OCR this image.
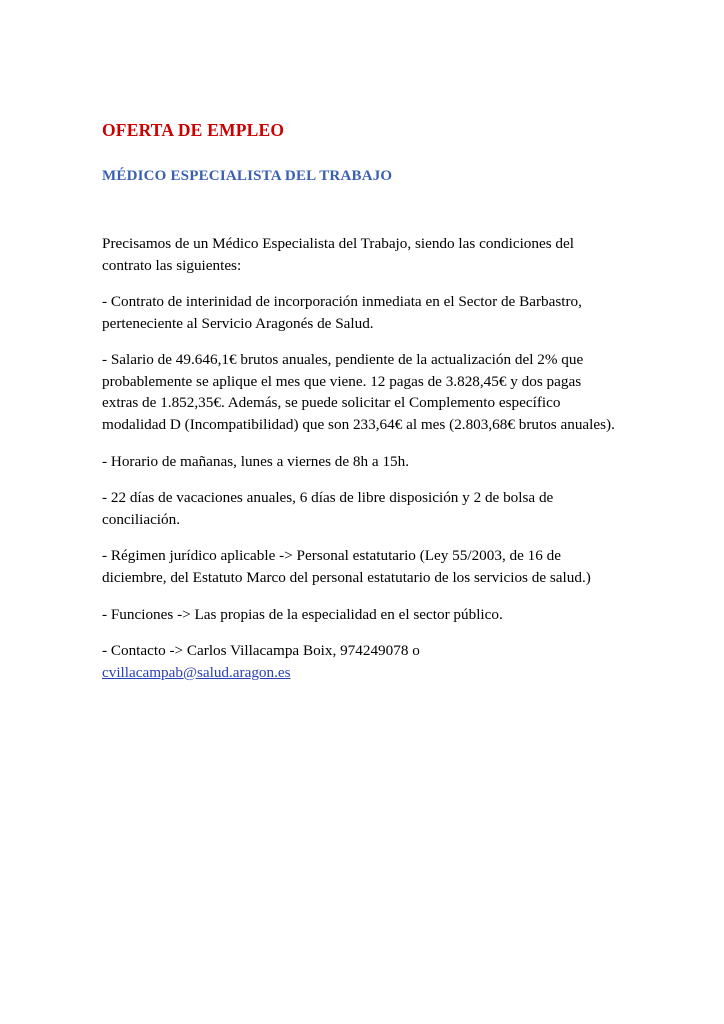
OFERTA DE EMPLEO
MÉDICO ESPECIALISTA DEL TRABAJO

Precisamos de un Médico Especialista del Trabajo, siendo las condiciones del contrato las siguientes:

- Contrato de interinidad de incorporación inmediata en el Sector de Barbastro, perteneciente al Servicio Aragonés de Salud.

- Salario de 49.646,1€ brutos anuales, pendiente de la actualización del 2% que probablemente se aplique el mes que viene. 12 pagas de 3.828,45€ y dos pagas extras de 1.852,35€. Además, se puede solicitar el Complemento específico modalidad D (Incompatibilidad) que son 233,64€ al mes (2.803,68€ brutos anuales).

- Horario de mañanas, lunes a viernes de 8h a 15h.

- 22 días de vacaciones anuales, 6 días de libre disposición y 2 de bolsa de conciliación.

- Régimen jurídico aplicable -> Personal estatutario (Ley 55/2003, de 16 de diciembre, del Estatuto Marco del personal estatutario de los servicios de salud.)

- Funciones -> Las propias de la especialidad en el sector público.

- Contacto -> Carlos Villacampa Boix, 974249078 o
cvillacampab@salud.aragon.es
